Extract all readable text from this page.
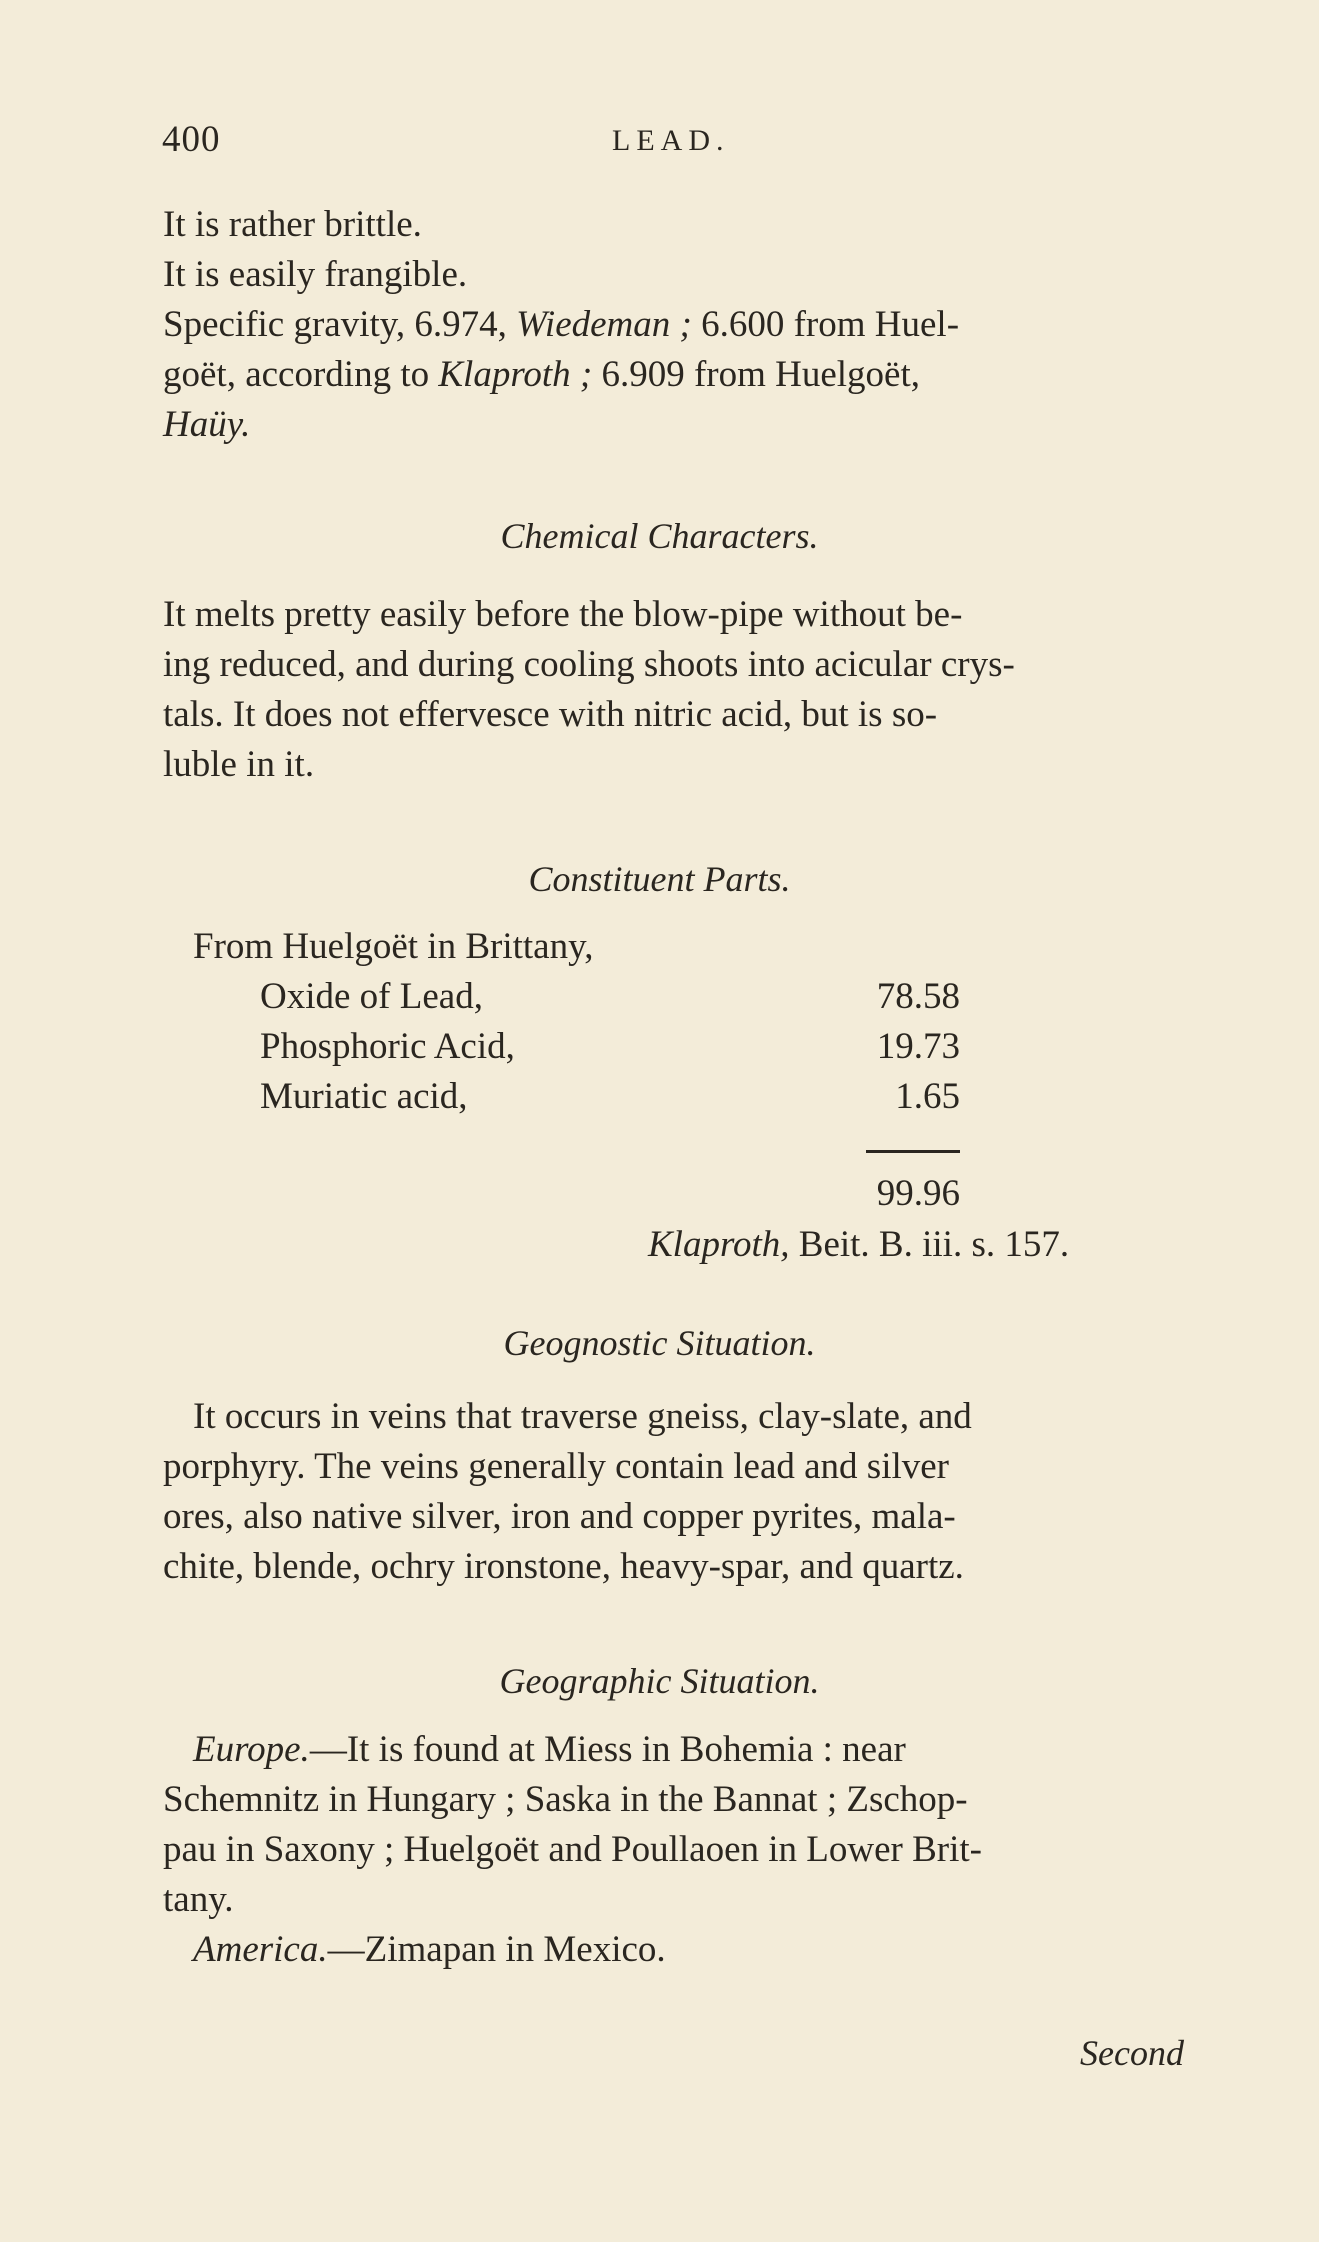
400	LEAD.
It is rather brittle.
It is easily frangible.
Specific gravity, 6.974, Wiedeman ; 6.600 from Huel-
goët, according to Klaproth ; 6.909 from Huelgoët,
Haüy.
Chemical Characters.
It melts pretty easily before the blow-pipe without be-
ing reduced, and during cooling shoots into acicular crys-
tals. It does not effervesce with nitric acid, but is so-
luble in it.
Constituent Parts.
From Huelgoët in Brittany,
Oxide of Lead,	78.58
Phosphoric Acid,	19.73
Muriatic acid,	1.65
99.96
Klaproth, Beit. B. iii. s. 157.
Geognostic Situation.
It occurs in veins that traverse gneiss, clay-slate, and
porphyry. The veins generally contain lead and silver
ores, also native silver, iron and copper pyrites, mala-
chite, blende, ochry ironstone, heavy-spar, and quartz.
Geographic Situation.
Europe.—It is found at Miess in Bohemia : near
Schemnitz in Hungary ; Saska in the Bannat ; Zschop-
pau in Saxony ; Huelgoët and Poullaoen in Lower Brit-
tany.
America.—Zimapan in Mexico.
Second
